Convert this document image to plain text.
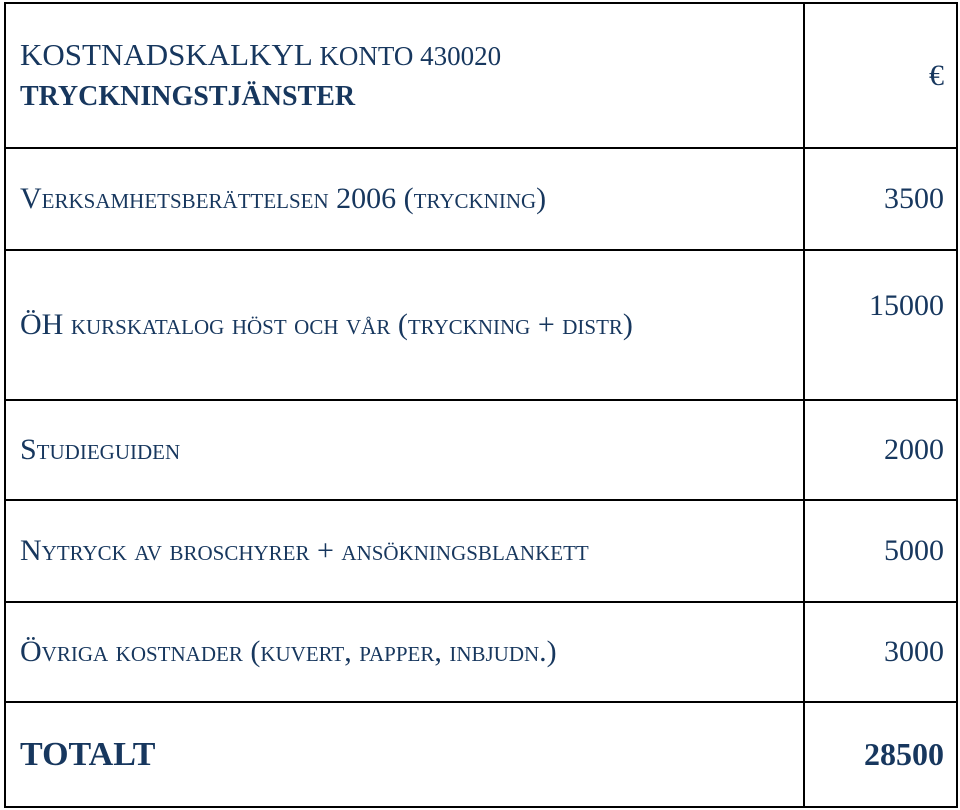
KOSTNADSKALKYL KONTO 430020
TRYCKNINGSTJÄNSTER	€
Verksamhetsberättelsen 2006 (tryckning)	3500
ÖH kurskatalog höst och vår (tryckning + distr)	15000
Studieguiden	2000
Nytryck av broschyrer + ansökningsblankett	5000
Övriga kostnader (kuvert, papper, inbjudn.)	3000
TOTALT	28500
